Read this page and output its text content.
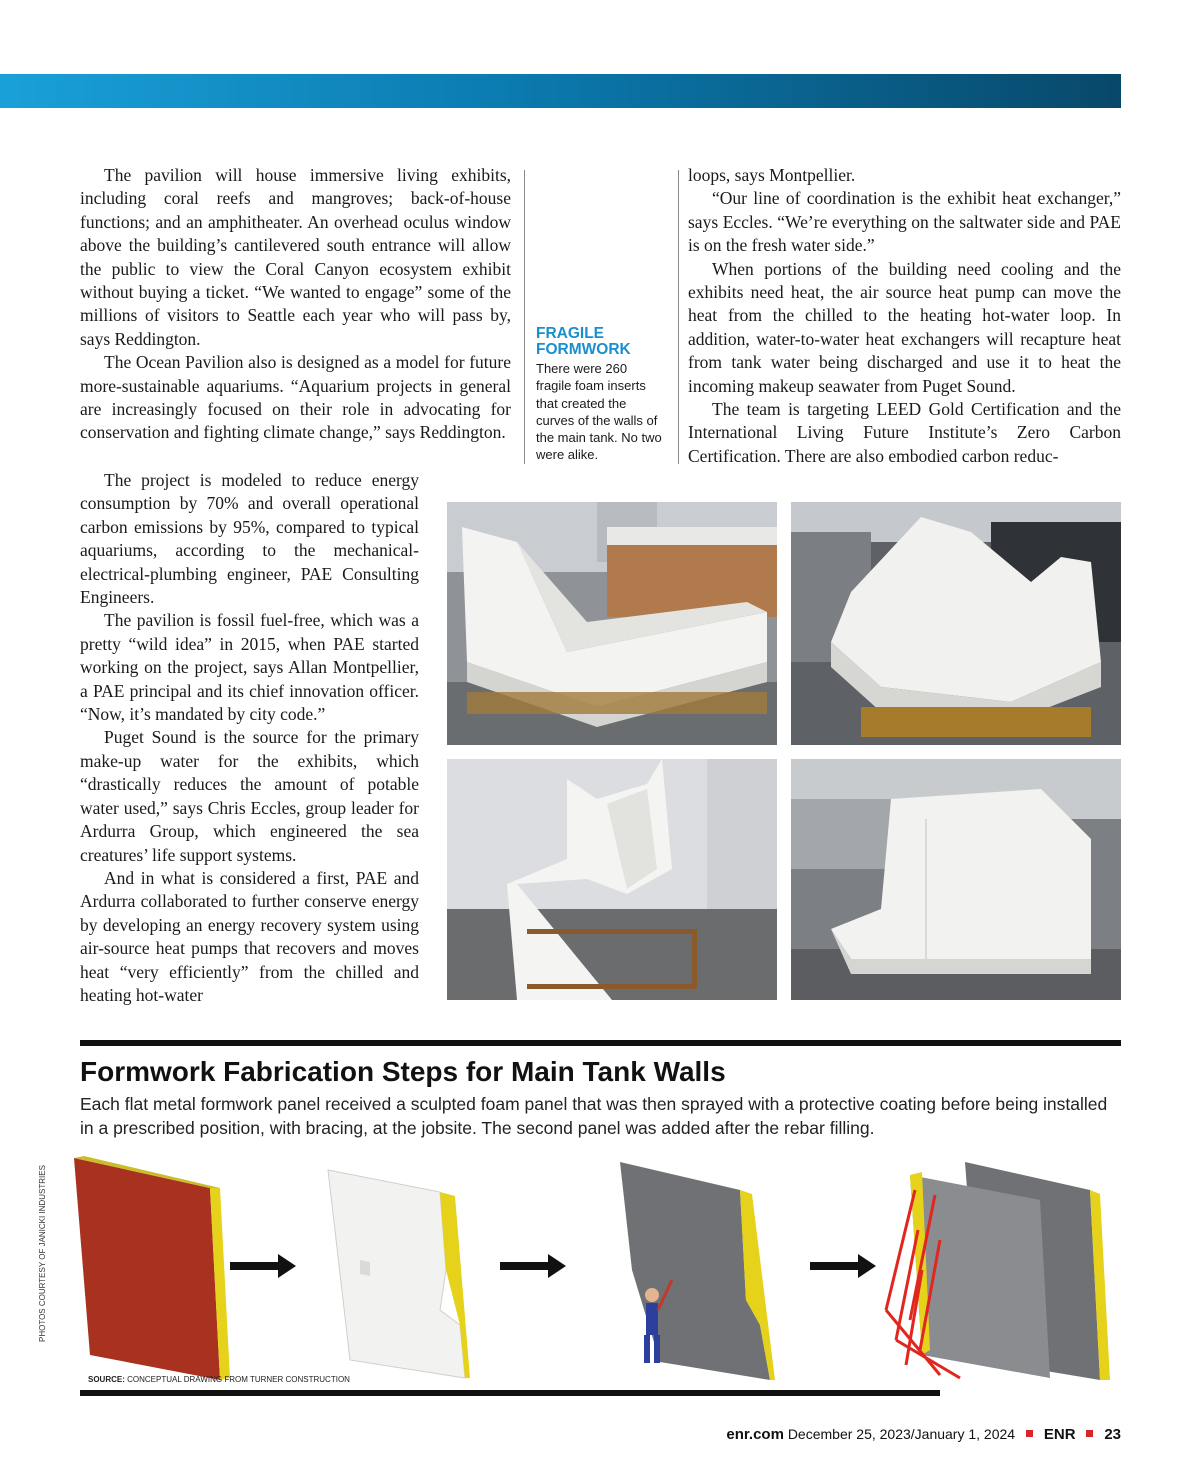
The pavilion will house immersive living exhibits, including coral reefs and mangroves; back-of-house functions; and an amphitheater. An overhead oculus window above the building’s cantilevered south entrance will allow the public to view the Coral Canyon ecosystem exhibit without buying a ticket. “We wanted to engage” some of the millions of visitors to Seattle each year who will pass by, says Reddington.

The Ocean Pavilion also is designed as a model for future more-sustainable aquariums. “Aquarium projects in general are increasingly focused on their role in advocating for conservation and fighting climate change,” says Reddington.

The project is modeled to reduce energy consumption by 70% and overall operational carbon emissions by 95%, compared to typical aquariums, according to the mechanical-electrical-plumbing engineer, PAE Consulting Engineers.

The pavilion is fossil fuel-free, which was a pretty “wild idea” in 2015, when PAE started working on the project, says Allan Montpellier, a PAE principal and its chief innovation officer. “Now, it’s mandated by city code.”

Puget Sound is the source for the primary make-up water for the exhibits, which “drastically reduces the amount of potable water used,” says Chris Eccles, group leader for Ardurra Group, which engineered the sea creatures’ life support systems.

And in what is considered a first, PAE and Ardurra collaborated to further conserve energy by developing an energy recovery system using air-source heat pumps that recovers and moves heat “very efficiently” from the chilled and heating hot-water

FRAGILE FORMWORK

There were 260 fragile foam inserts that created the curves of the walls of the main tank. No two were alike.

loops, says Montpellier.

“Our line of coordination is the exhibit heat exchanger,” says Eccles. “We’re everything on the saltwater side and PAE is on the fresh water side.”

When portions of the building need cooling and the exhibits need heat, the air source heat pump can move the heat from the chilled to the heating hot-water loop. In addition, water-to-water heat exchangers will recapture heat from tank water being discharged and use it to heat the incoming makeup seawater from Puget Sound.

The team is targeting LEED Gold Certification and the International Living Future Institute’s Zero Carbon Certification. There are also embodied carbon reduc-

Formwork Fabrication Steps for Main Tank Walls

Each flat metal formwork panel received a sculpted foam panel that was then sprayed with a protective coating before being installed in a prescribed position, with bracing, at the jobsite. The second panel was added after the rebar filling.

SOURCE: CONCEPTUAL DRAWING FROM TURNER CONSTRUCTION
PHOTOS COURTESY OF JANICKI INDUSTRIES
enr.com December 25, 2023/January 1, 2024 ENR 23
